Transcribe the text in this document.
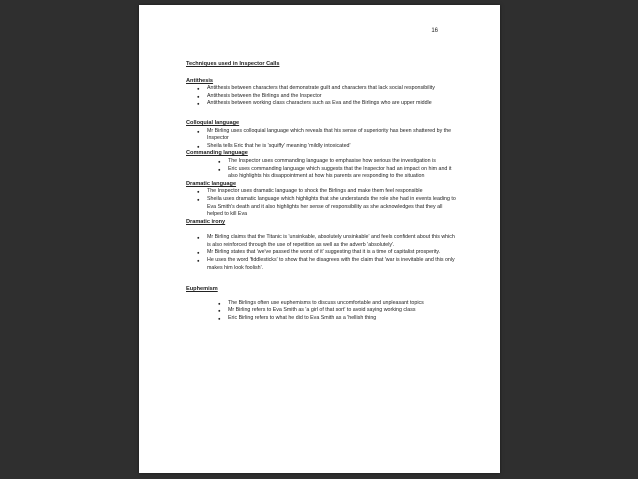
16

Techniques used in Inspector Calls

Antithesis

● Antithesis between characters that demonstrate guilt and characters that lack social responsibility
● Antithesis between the Birlings and the Inspector
● Antithesis between working class characters such as Eva and the Birlings who are upper middle

Colloquial language

● Mr Birling uses colloquial language which reveals that his sense of superiority has been shattered by the Inspector
● Sheila tells Eric that he is 'squiffy' meaning 'mildly intoxicated'

Commanding language

● The Inspector uses commanding language to emphasise how serious the investigation is
● Eric uses commanding language which suggests that the Inspector had an impact on him and it also highlights his disappointment at how his parents are responding to the situation

Dramatic language

● The Inspector uses dramatic language to shock the Birlings and make them feel responsible
● Sheila uses dramatic language which highlights that she understands the role she had in events leading to Eva Smith's death and it also highlights her sense of responsibility as she acknowledges that they all helped to kill Eva

Dramatic irony

● Mr Birling claims that the Titanic is 'unsinkable, absolutely unsinkable' and feels confident about this which is also reinforced through the use of repetition as well as the adverb 'absolutely'.
● Mr Birling states that 'we've passed the worst of it' suggesting that it is a time of capitalist prosperity.
● He uses the word 'fiddlesticks' to show that he disagrees with the claim that 'war is inevitable and this only makes him look foolish'.

Euphemism

● The Birlings often use euphemisms to discuss uncomfortable and unpleasant topics
● Mr Birling refers to Eva Smith as 'a girl of that sort' to avoid saying working class
● Eric Birling refers to what he did to Eva Smith as a 'hellish thing
